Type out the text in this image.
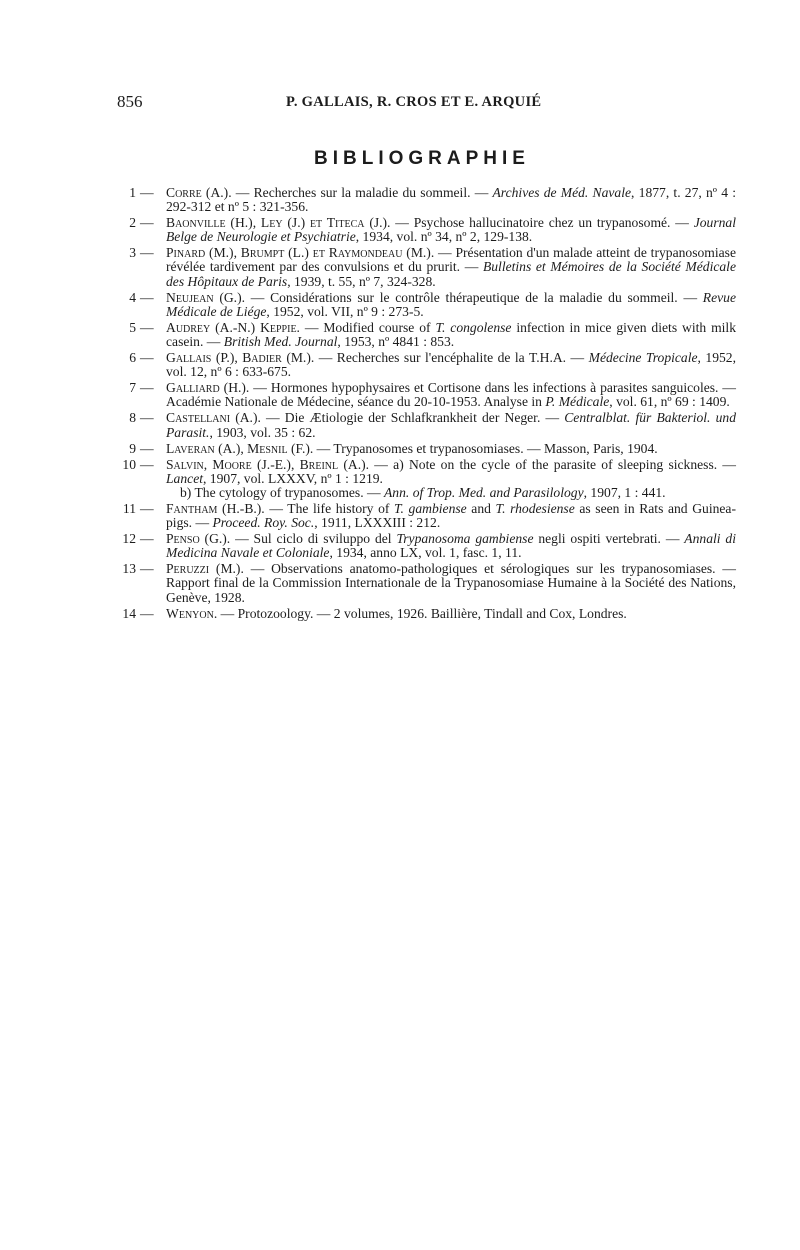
856	P. GALLAIS, R. CROS ET E. ARQUIÉ
BIBLIOGRAPHIE
1 — Corre (A.). — Recherches sur la maladie du sommeil. — Archives de Méd. Navale, 1877, t. 27, nº 4 : 292-312 et nº 5 : 321-356.
2 — Baonville (H.), Ley (J.) et Titeca (J.). — Psychose hallucinatoire chez un trypanosomé. — Journal Belge de Neurologie et Psychiatrie, 1934, vol. nº 34, nº 2, 129-138.
3 — Pinard (M.), Brumpt (L.) et Raymondeau (M.). — Présentation d'un malade atteint de trypanosomiase révélée tardivement par des convulsions et du prurit. — Bulletins et Mémoires de la Société Médicale des Hôpitaux de Paris, 1939, t. 55, nº 7, 324-328.
4 — Neujean (G.). — Considérations sur le contrôle thérapeutique de la maladie du sommeil. — Revue Médicale de Liége, 1952, vol. VII, nº 9 : 273-5.
5 — Audrey (A.-N.) Keppie. — Modified course of T. congolense infection in mice given diets with milk casein. — British Med. Journal, 1953, nº 4841 : 853.
6 — Gallais (P.), Badier (M.). — Recherches sur l'encéphalite de la T.H.A. — Médecine Tropicale, 1952, vol. 12, nº 6 : 633-675.
7 — Galliard (H.). — Hormones hypophysaires et Cortisone dans les infections à parasites sanguicoles. — Académie Nationale de Médecine, séance du 20-10-1953. Analyse in P. Médicale, vol. 61, nº 69 : 1409.
8 — Castellani (A.). — Die Ætiologie der Schlafkrankheit der Neger. — Centralblat. für Bakteriol. und Parasit., 1903, vol. 35 : 62.
9 — Laveran (A.), Mesnil (F.). — Trypanosomes et trypanosomiases. — Masson, Paris, 1904.
10 — Salvin, Moore (J.-E.), Breinl (A.). — a) Note on the cycle of the parasite of sleeping sickness. — Lancet, 1907, vol. LXXXV, nº 1 : 1219.
b) The cytology of trypanosomes. — Ann. of Trop. Med. and Parasilology, 1907, 1 : 441.
11 — Fantham (H.-B.). — The life history of T. gambiense and T. rhodesiense as seen in Rats and Guinea-pigs. — Proceed. Roy. Soc., 1911, LXXXIII : 212.
12 — Penso (G.). — Sul ciclo di sviluppo del Trypanosoma gambiense negli ospiti vertebrati. — Annali di Medicina Navale et Coloniale, 1934, anno LX, vol. 1, fasc. 1, 11.
13 — Peruzzi (M.). — Observations anatomo-pathologiques et sérologiques sur les trypanosomiases. — Rapport final de la Commission Internationale de la Trypanosomiase Humaine à la Société des Nations, Genève, 1928.
14 — Wenyon. — Protozoology. — 2 volumes, 1926. Baillière, Tindall and Cox, Londres.
